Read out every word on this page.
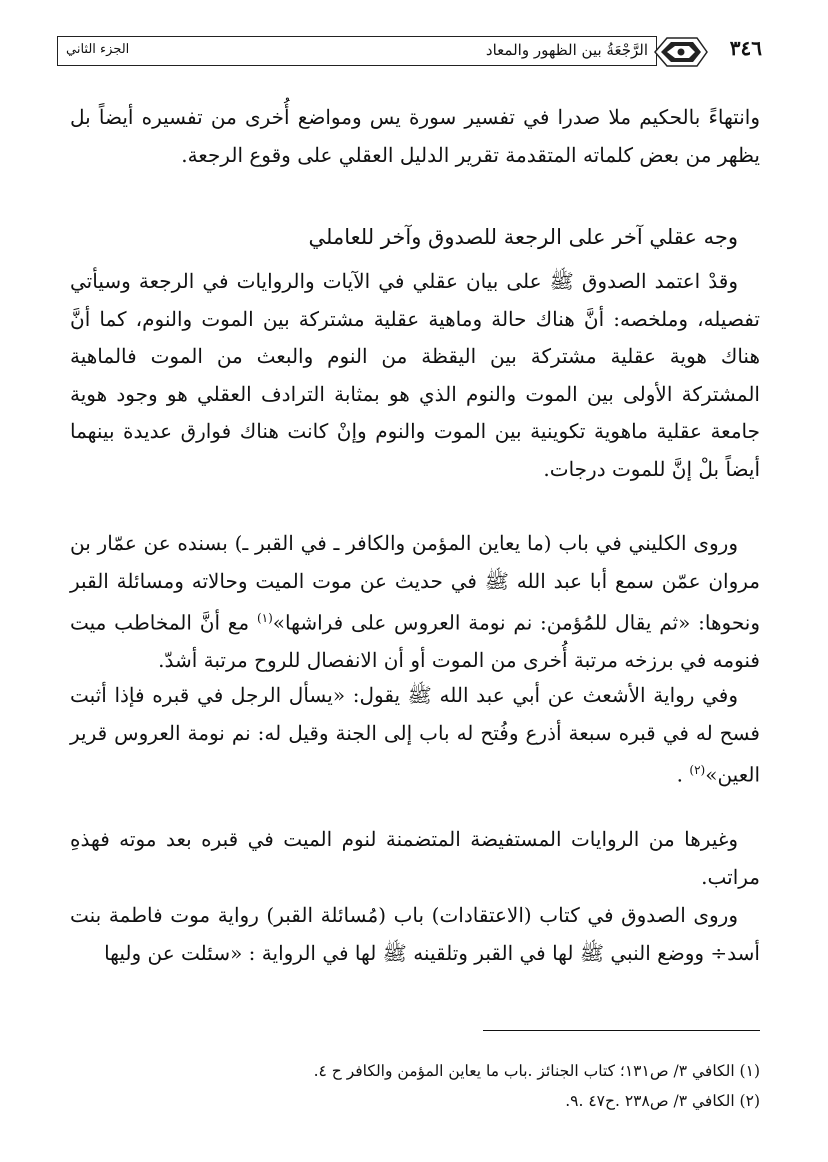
الرَّجْعَةُ بين الظهور والمعاد
الجزء الثاني	٣٤٦

وانتهاءً بالحكيم ملا صدرا في تفسير سورة يس ومواضع أُخرى من تفسيره أيضاً بل يظهر من بعض كلماته المتقدمة تقرير الدليل العقلي على وقوع الرجعة.

وجه عقلي آخر على الرجعة للصدوق وآخر للعاملي

وقدْ اعتمد الصدوق ﷺ على بيان عقلي في الآيات والروايات في الرجعة وسيأتي تفصيله، وملخصه: أنَّ هناك حالة وماهية عقلية مشتركة بين الموت والنوم، كما أنَّ هناك هوية عقلية مشتركة بين اليقظة من النوم والبعث من الموت فالماهية المشتركة الأولى بين الموت والنوم الذي هو بمثابة الترادف العقلي هو وجود هوية جامعة عقلية ماهوية تكوينية بين الموت والنوم وإنْ كانت هناك فوارق عديدة بينهما أيضاً بلْ إنَّ للموت درجات.

وروى الكليني في باب (ما يعاين المؤمن والكافر ـ في القبر ـ) بسنده عن عمّار بن مروان عمّن سمع أبا عبد الله ﷺ في حديث عن موت الميت وحالاته ومسائلة القبر ونحوها: «ثم يقال للمُؤمن: نم نومة العروس على فراشها»$^{(١)}$ مع أنَّ المخاطب ميت فنومه في برزخه مرتبة أُخرى من الموت أو أن الانفصال للروح مرتبة أشدّ.

وفي رواية الأشعث عن أبي عبد الله ﷺ يقول: «يسأل الرجل في قبره فإذا أثبت فسح له في قبره سبعة أذرع وفُتح له باب إلى الجنة وقيل له: نم نومة العروس قرير العين»$^{(٢)}$ .

وغيرها من الروايات المستفيضة المتضمنة لنوم الميت في قبره بعد موته فهذهِ مراتب.

وروى الصدوق في كتاب (الاعتقادات) باب (مُسائلة القبر) رواية موت فاطمة بنت أسد÷ ووضع النبي ﷺ لها في القبر وتلقينه ﷺ لها في الرواية : «سئلت عن وليها

(١) الكافي ٣/ ص١٣١؛ كتاب الجنائز .باب ما يعاين المؤمن والكافر ح ٤.
(٢) الكافي ٣/ ص٢٣٨ .ح٤٧ .٩.
